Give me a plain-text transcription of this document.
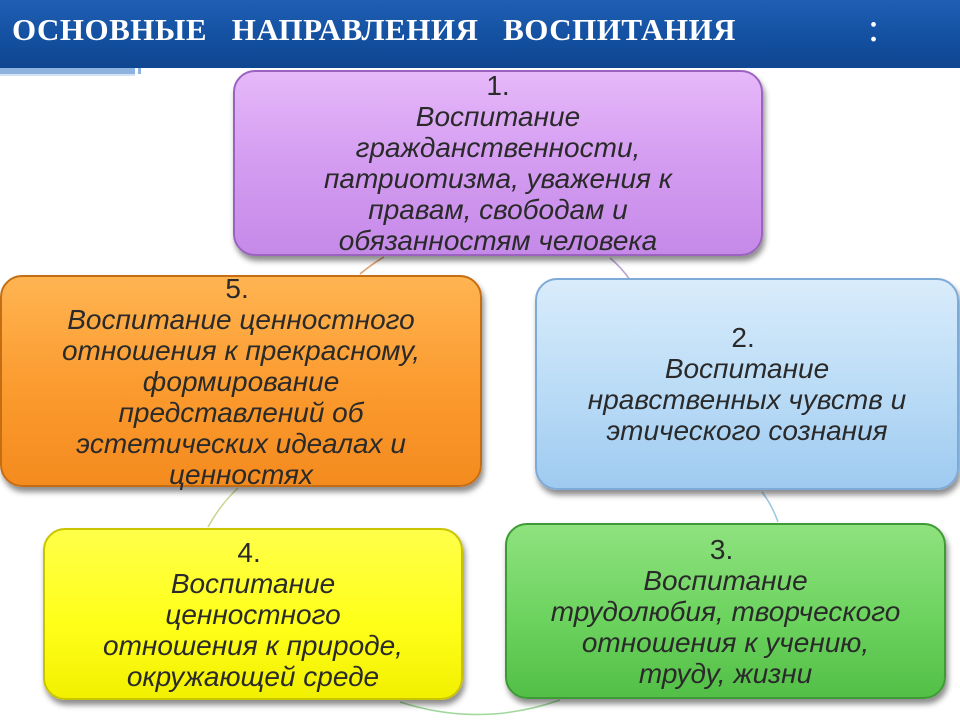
ОСНОВНЫЕ   НАПРАВЛЕНИЯ   ВОСПИТАНИЯ	:
1.
Воспитание
гражданственности,
патриотизма, уважения к
правам, свободам и
обязанностям человека
2.
Воспитание
нравственных чувств и
этического сознания
3.
Воспитание
трудолюбия, творческого
отношения к учению,
труду, жизни
4.
Воспитание
ценностного
отношения к природе,
окружающей среде
5.
Воспитание ценностного
отношения к прекрасному,
формирование
представлений об
эстетических идеалах и
ценностях
